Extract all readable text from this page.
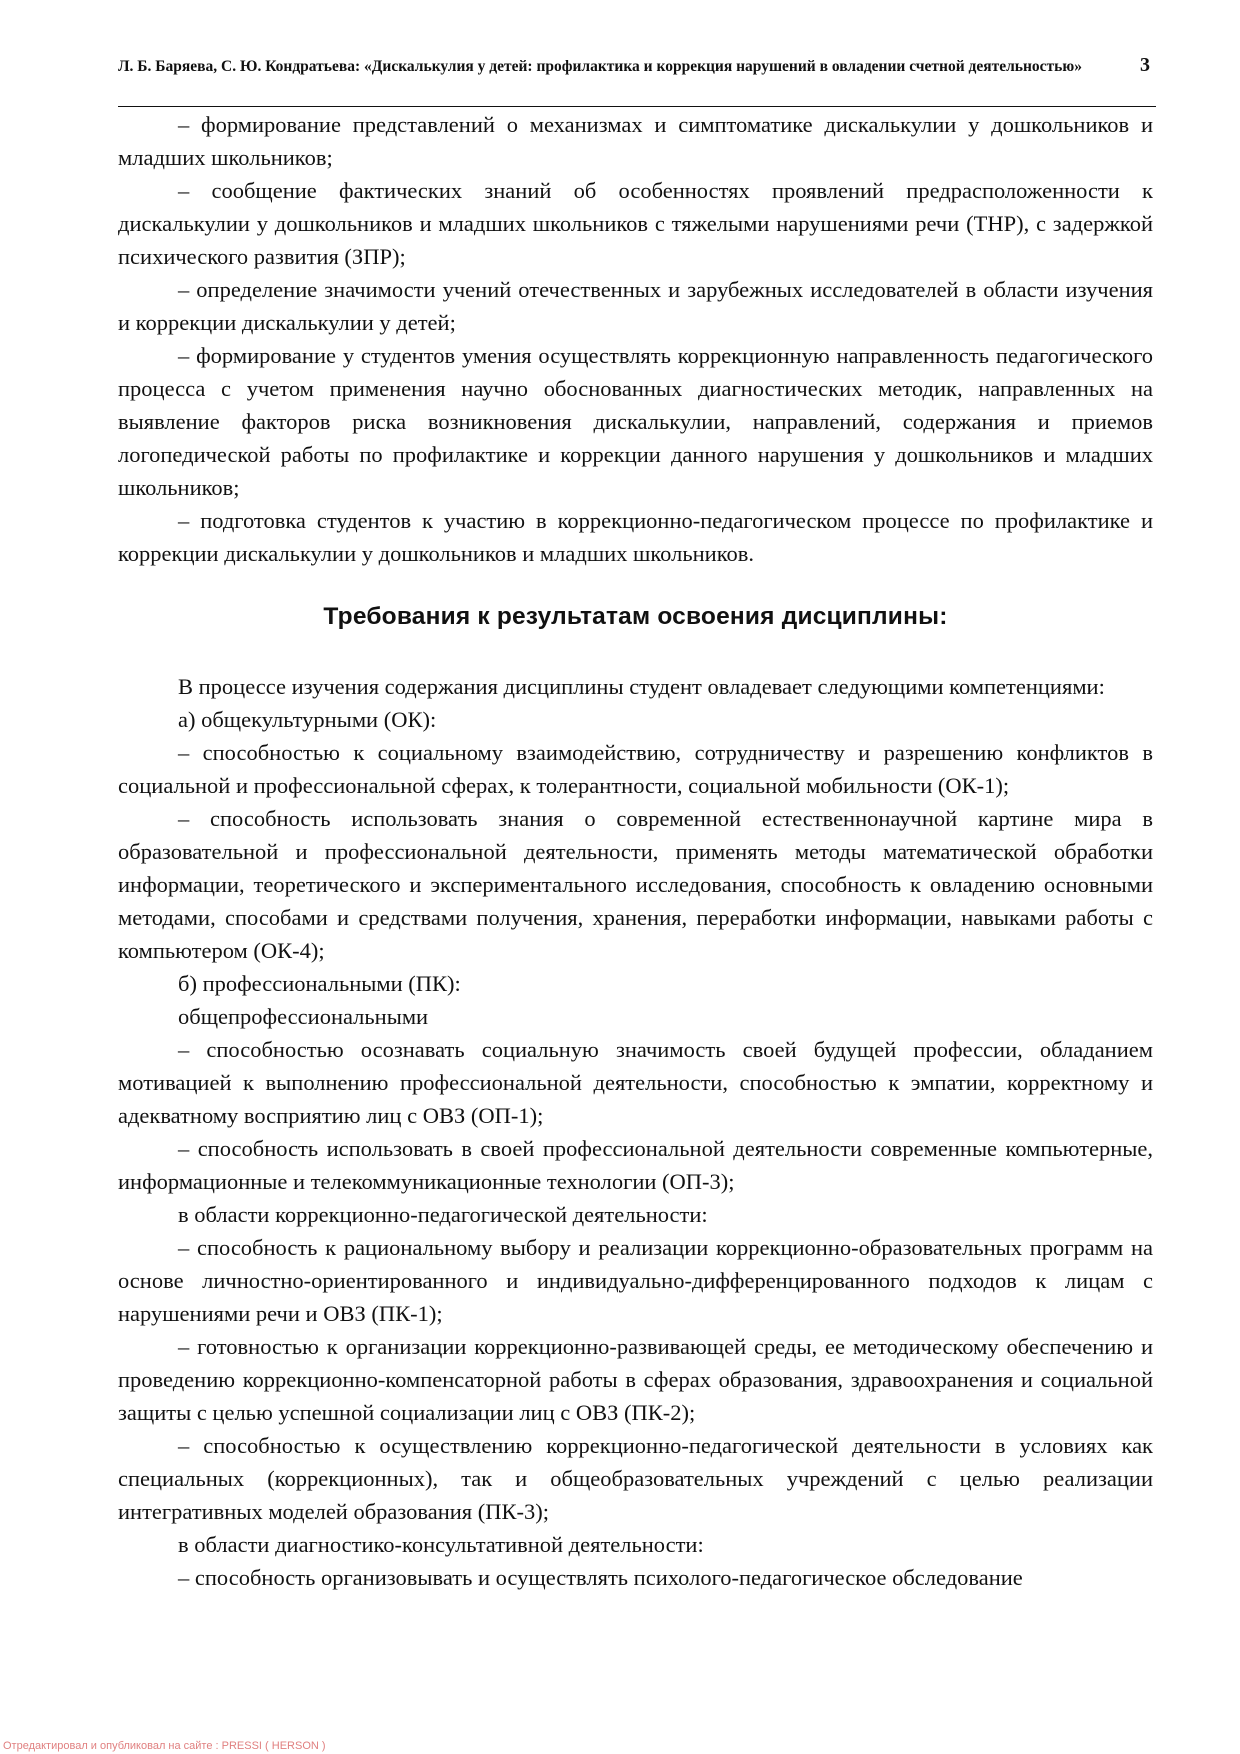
Л. Б. Баряева, С. Ю. Кондратьева: «Дискалькулия у детей: профилактика и коррекция нарушений в овладении счетной деятельностью»	3

– формирование представлений о механизмах и симптоматике дискалькулии у дошкольников и младших школьников;

– сообщение фактических знаний об особенностях проявлений предрасположенности к дискалькулии у дошкольников и младших школьников с тяжелыми нарушениями речи (ТНР), с задержкой психического развития (ЗПР);

– определение значимости учений отечественных и зарубежных исследователей в области изучения и коррекции дискалькулии у детей;

– формирование у студентов умения осуществлять коррекционную направленность педагогического процесса с учетом применения научно обоснованных диагностических методик, направленных на выявление факторов риска возникновения дискалькулии, направлений, содержания и приемов логопедической работы по профилактике и коррекции данного нарушения у дошкольников и младших школьников;

– подготовка студентов к участию в коррекционно-педагогическом процессе по профилактике и коррекции дискалькулии у дошкольников и младших школьников.

Требования к результатам освоения дисциплины:

В процессе изучения содержания дисциплины студент овладевает следующими компетенциями:

а) общекультурными (ОК):

– способностью к социальному взаимодействию, сотрудничеству и разрешению конфликтов в социальной и профессиональной сферах, к толерантности, социальной мобильности (ОК-1);

– способность использовать знания о современной естественнонаучной картине мира в образовательной и профессиональной деятельности, применять методы математической обработки информации, теоретического и экспериментального исследования, способность к овладению основными методами, способами и средствами получения, хранения, переработки информации, навыками работы с компьютером (ОК-4);

б) профессиональными (ПК):

общепрофессиональными

– способностью осознавать социальную значимость своей будущей профессии, обладанием мотивацией к выполнению профессиональной деятельности, способностью к эмпатии, корректному и адекватному восприятию лиц с ОВЗ (ОП-1);

– способность использовать в своей профессиональной деятельности современные компьютерные, информационные и телекоммуникационные технологии (ОП-3);

в области коррекционно-педагогической деятельности:

– способность к рациональному выбору и реализации коррекционно-образовательных программ на основе личностно-ориентированного и индивидуально-дифференцированного подходов к лицам с нарушениями речи и ОВЗ (ПК-1);

– готовностью к организации коррекционно-развивающей среды, ее методическому обеспечению и проведению коррекционно-компенсаторной работы в сферах образования, здравоохранения и социальной защиты с целью успешной социализации лиц с ОВЗ (ПК-2);

– способностью к осуществлению коррекционно-педагогической деятельности в условиях как специальных (коррекционных), так и общеобразовательных учреждений с целью реализации интегративных моделей образования (ПК-3);

в области диагностико-консультативной деятельности:

– способность организовывать и осуществлять психолого-педагогическое обследование

Отредактировал и опубликовал на сайте : PRESSI ( HERSON )
